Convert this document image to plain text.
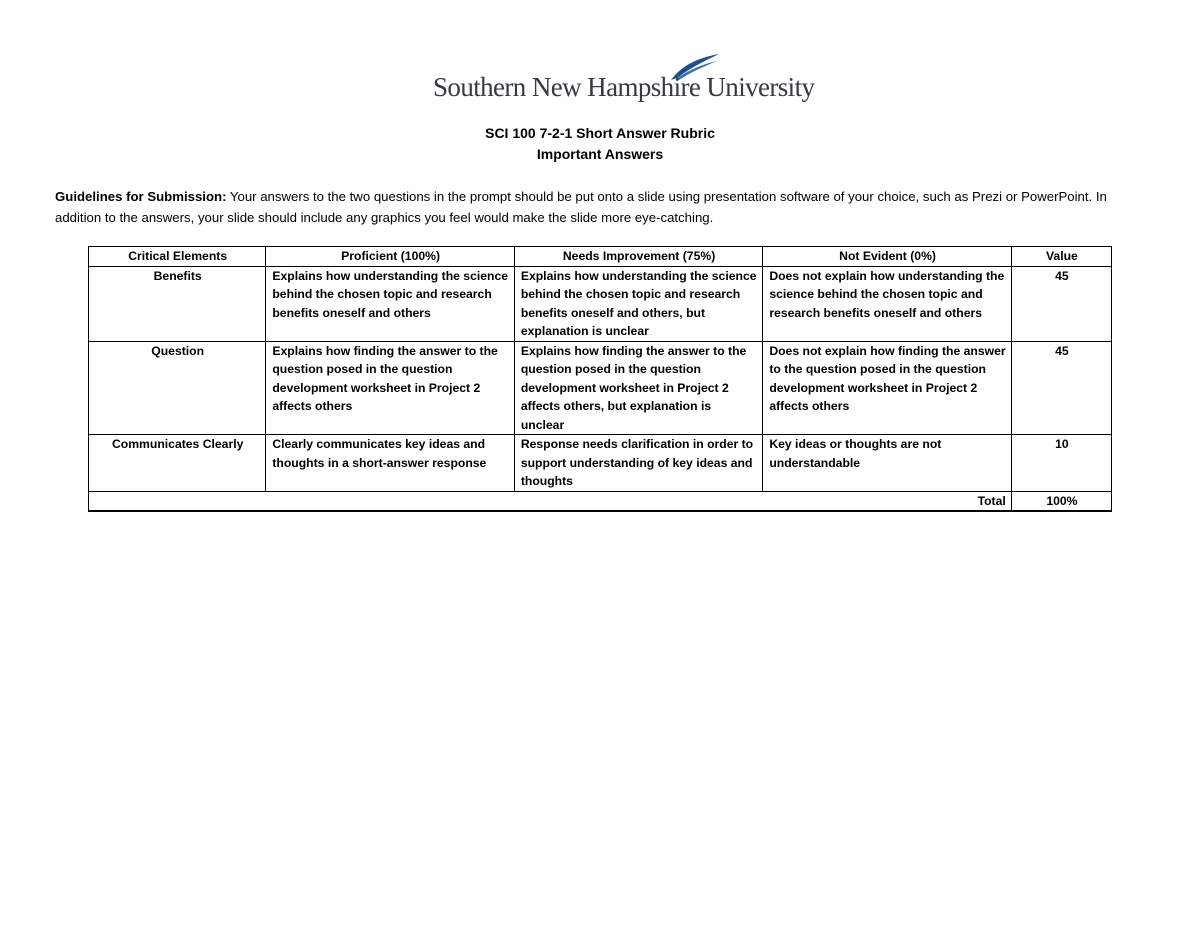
Southern New Hampshire University
SCI 100 7-2-1 Short Answer Rubric
Important Answers
Guidelines for Submission: Your answers to the two questions in the prompt should be put onto a slide using presentation software of your choice, such as Prezi or PowerPoint. In addition to the answers, your slide should include any graphics you feel would make the slide more eye-catching.
Critical Elements	Proficient (100%)	Needs Improvement (75%)	Not Evident (0%)	Value
Benefits	Explains how understanding the science behind the chosen topic and research benefits oneself and others	Explains how understanding the science behind the chosen topic and research benefits oneself and others, but explanation is unclear	Does not explain how understanding the science behind the chosen topic and research benefits oneself and others	45
Question	Explains how finding the answer to the question posed in the question development worksheet in Project 2 affects others	Explains how finding the answer to the question posed in the question development worksheet in Project 2 affects others, but explanation is unclear	Does not explain how finding the answer to the question posed in the question development worksheet in Project 2 affects others	45
Communicates Clearly	Clearly communicates key ideas and thoughts in a short-answer response	Response needs clarification in order to support understanding of key ideas and thoughts	Key ideas or thoughts are not understandable	10
Total				100%
